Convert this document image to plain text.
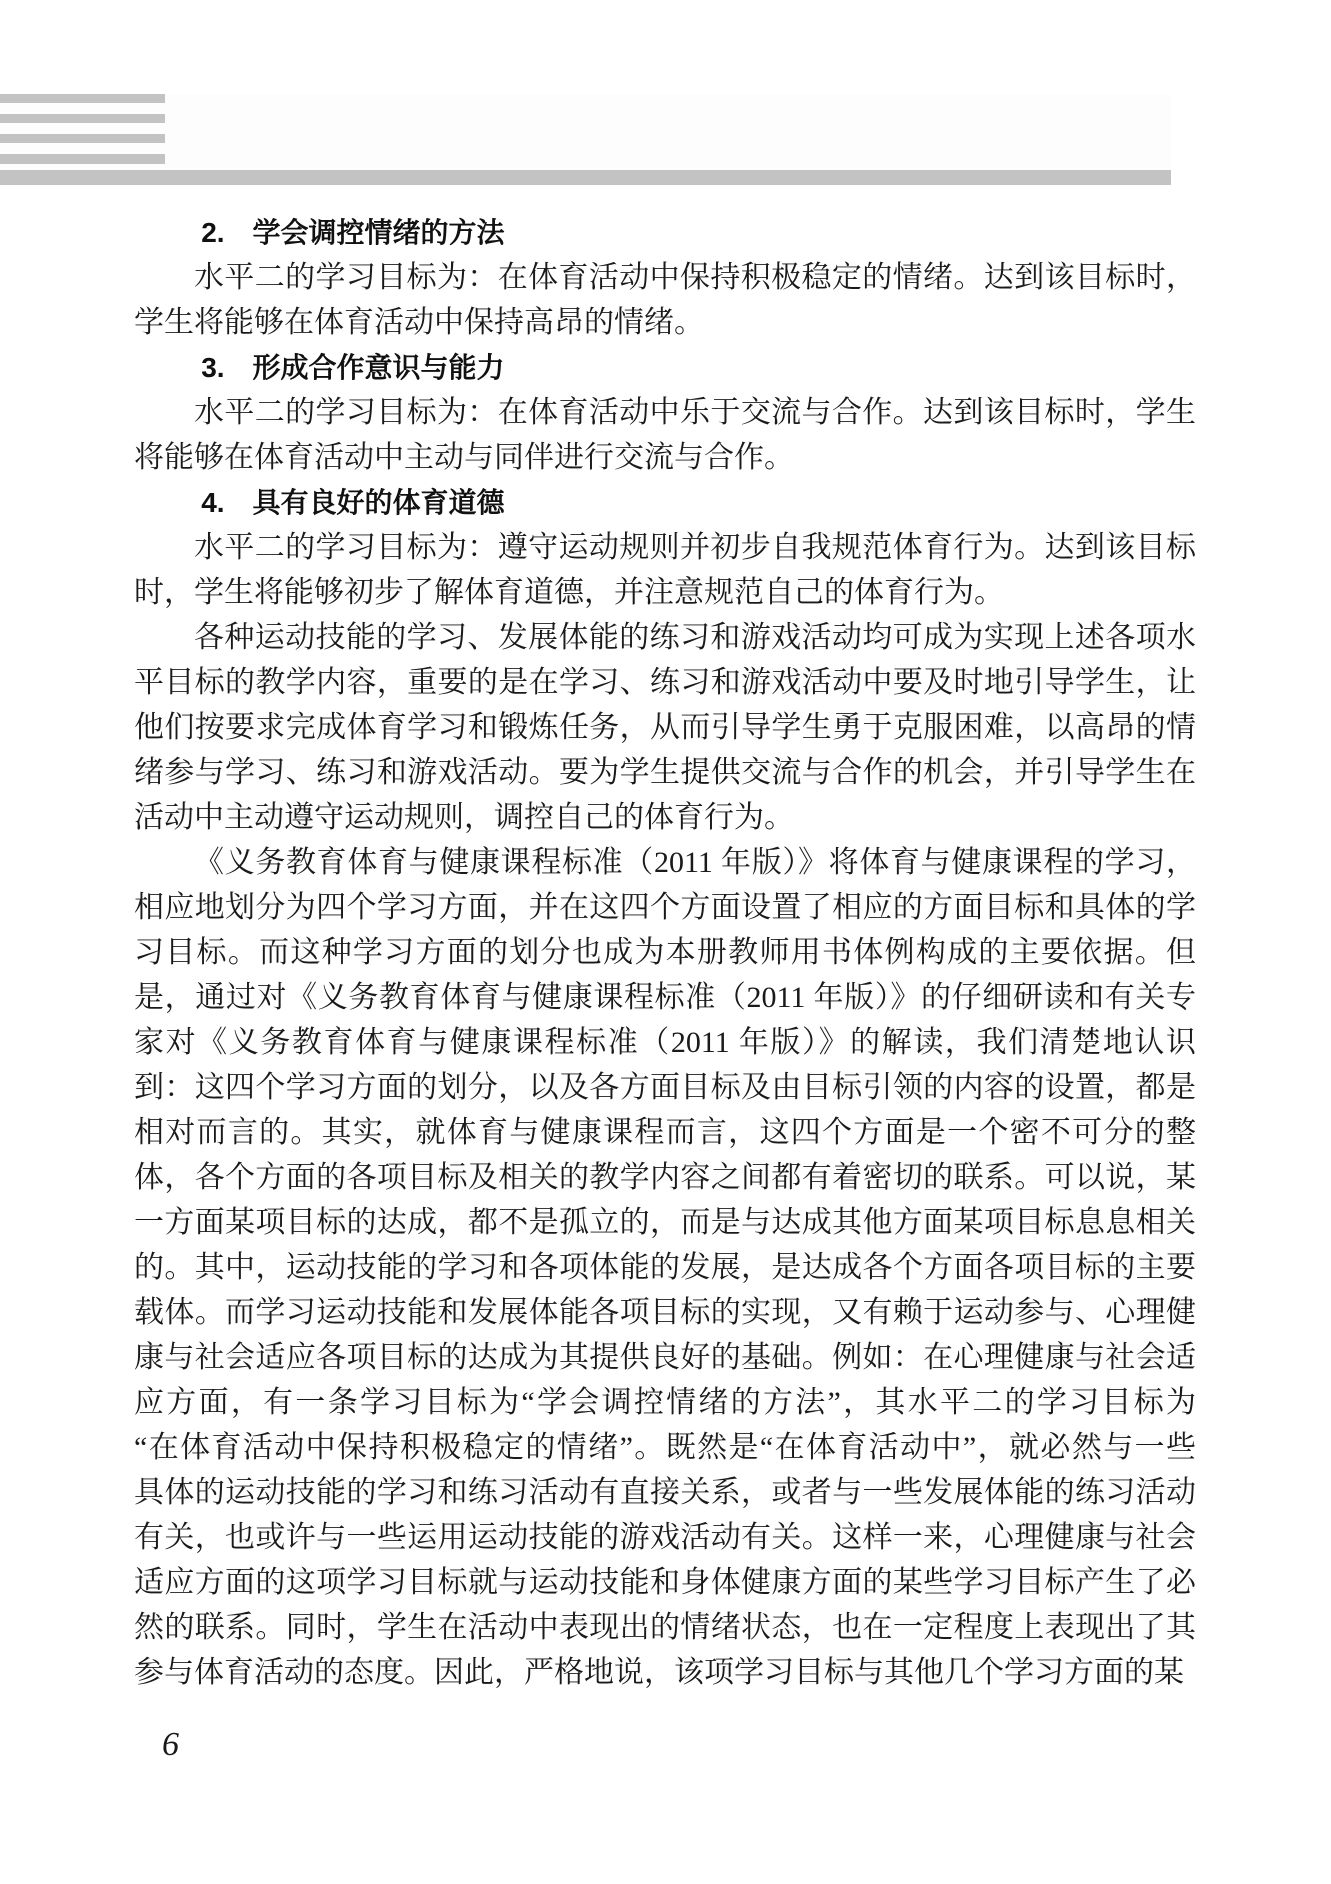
2.　学会调控情绪的方法
水平二的学习目标为：在体育活动中保持积极稳定的情绪。达到该目标时，
学生将能够在体育活动中保持高昂的情绪。
3.　形成合作意识与能力
水平二的学习目标为：在体育活动中乐于交流与合作。达到该目标时，学生
将能够在体育活动中主动与同伴进行交流与合作。
4.　具有良好的体育道德
水平二的学习目标为：遵守运动规则并初步自我规范体育行为。达到该目标
时，学生将能够初步了解体育道德，并注意规范自己的体育行为。
各种运动技能的学习、发展体能的练习和游戏活动均可成为实现上述各项水
平目标的教学内容，重要的是在学习、练习和游戏活动中要及时地引导学生，让
他们按要求完成体育学习和锻炼任务，从而引导学生勇于克服困难，以高昂的情
绪参与学习、练习和游戏活动。要为学生提供交流与合作的机会，并引导学生在
活动中主动遵守运动规则，调控自己的体育行为。
《义务教育体育与健康课程标准（2011 年版）》将体育与健康课程的学习，
相应地划分为四个学习方面，并在这四个方面设置了相应的方面目标和具体的学
习目标。而这种学习方面的划分也成为本册教师用书体例构成的主要依据。但
是，通过对《义务教育体育与健康课程标准（2011 年版）》的仔细研读和有关专
家对《义务教育体育与健康课程标准（2011 年版）》的解读，我们清楚地认识
到：这四个学习方面的划分，以及各方面目标及由目标引领的内容的设置，都是
相对而言的。其实，就体育与健康课程而言，这四个方面是一个密不可分的整
体，各个方面的各项目标及相关的教学内容之间都有着密切的联系。可以说，某
一方面某项目标的达成，都不是孤立的，而是与达成其他方面某项目标息息相关
的。其中，运动技能的学习和各项体能的发展，是达成各个方面各项目标的主要
载体。而学习运动技能和发展体能各项目标的实现，又有赖于运动参与、心理健
康与社会适应各项目标的达成为其提供良好的基础。例如：在心理健康与社会适
应方面，有一条学习目标为“学会调控情绪的方法”，其水平二的学习目标为
“在体育活动中保持积极稳定的情绪”。既然是“在体育活动中”，就必然与一些
具体的运动技能的学习和练习活动有直接关系，或者与一些发展体能的练习活动
有关，也或许与一些运用运动技能的游戏活动有关。这样一来，心理健康与社会
适应方面的这项学习目标就与运动技能和身体健康方面的某些学习目标产生了必
然的联系。同时，学生在活动中表现出的情绪状态，也在一定程度上表现出了其
参与体育活动的态度。因此，严格地说，该项学习目标与其他几个学习方面的某
6
